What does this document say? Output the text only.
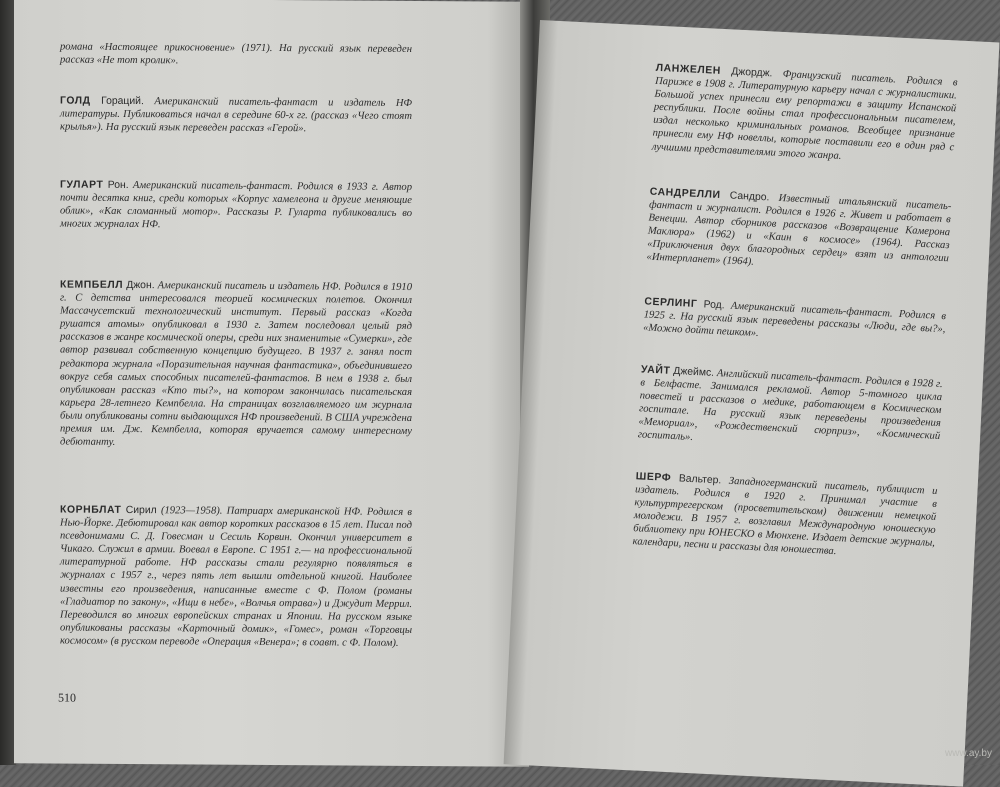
романа «Настоящее прикосновение» (1971). На русский язык переведен рассказ «Не тот кролик».

ГОЛД Гораций. Американский писатель-фантаст и издатель НФ литературы. Публиковаться начал в середине 60-х гг. (рассказ «Чего стоят крылья»). На русский язык переведен рассказ «Герой».

ГУЛАРТ Рон. Американский писатель-фантаст. Родился в 1933 г. Автор почти десятка книг, среди которых «Корпус хамелеона и другие меняющие облик», «Как сломанный мотор». Рассказы Р. Гуларта публиковались во многих журналах НФ.

КЕМПБЕЛЛ Джон. Американский писатель и издатель НФ. Родился в 1910 г. С детства интересовался теорией космических полетов. Окончил Массачусетский технологический институт. Первый рассказ «Когда рушатся атомы» опубликовал в 1930 г. Затем последовал целый ряд рассказов в жанре космической оперы, среди них знаменитые «Сумерки», где автор развивал собственную концепцию будущего. В 1937 г. занял пост редактора журнала «Поразительная научная фантастика», объединившего вокруг себя самых способных писателей-фантастов. В нем в 1938 г. был опубликован рассказ «Кто ты?», на котором закончилась писательская карьера 28-летнего Кемпбелла. На страницах возглавляемого им журнала были опубликованы сотни выдающихся НФ произведений. В США учреждена премия им. Дж. Кемпбелла, которая вручается самому интересному дебютанту.

КОРНБЛАТ Сирил (1923—1958). Патриарх американской НФ. Родился в Нью-Йорке. Дебютировал как автор коротких рассказов в 15 лет. Писал под псевдонимами С. Д. Говесман и Сесиль Корвин. Окончил университет в Чикаго. Служил в армии. Воевал в Европе. С 1951 г.— на профессиональной литературной работе. НФ рассказы стали регулярно появляться в журналах с 1957 г., через пять лет вышли отдельной книгой. Наиболее известны его произведения, написанные вместе с Ф. Полом (романы «Гладиатор по закону», «Ищи в небе», «Волчья отрава») и Джудит Меррил. Переводился во многих европейских странах и Японии. На русском языке опубликованы рассказы «Карточный домик», «Гомес», роман «Торговцы космосом» (в русском переводе «Операция «Венера»; в соавт. с Ф. Полом).

510

ЛАНЖЕЛЕН Джордж. Французский писатель. Родился в Париже в 1908 г. Литературную карьеру начал с журналистики. Большой успех принесли ему репортажи в защиту Испанской республики. После войны стал профессиональным писателем, издал несколько криминальных романов. Всеобщее признание принесли ему НФ новеллы, которые поставили его в один ряд с лучшими представителями этого жанра.

САНДРЕЛЛИ Сандро. Известный итальянский писатель-фантаст и журналист. Родился в 1926 г. Живет и работает в Венеции. Автор сборников рассказов «Возвращение Камерона Маклюра» (1962) и «Каин в космосе» (1964). Рассказ «Приключения двух благородных сердец» взят из антологии «Интерпланет» (1964).

СЕРЛИНГ Род. Американский писатель-фантаст. Родился в 1925 г. На русский язык переведены рассказы «Люди, где вы?», «Можно дойти пешком».

УАЙТ Джеймс. Английский писатель-фантаст. Родился в 1928 г. в Белфасте. Занимался рекламой. Автор 5-томного цикла повестей и рассказов о медике, работающем в Космическом госпитале. На русский язык переведены произведения «Мемориал», «Рождественский сюрприз», «Космический госпиталь».

ШЕРФ Вальтер. Западногерманский писатель, публицист и издатель. Родился в 1920 г. Принимал участие в культуртрегерском (просветительском) движении немецкой молодежи. В 1957 г. возглавил Международную юношескую библиотеку при ЮНЕСКО в Мюнхене. Издает детские журналы, календари, песни и рассказы для юношества.

www.ay.by
